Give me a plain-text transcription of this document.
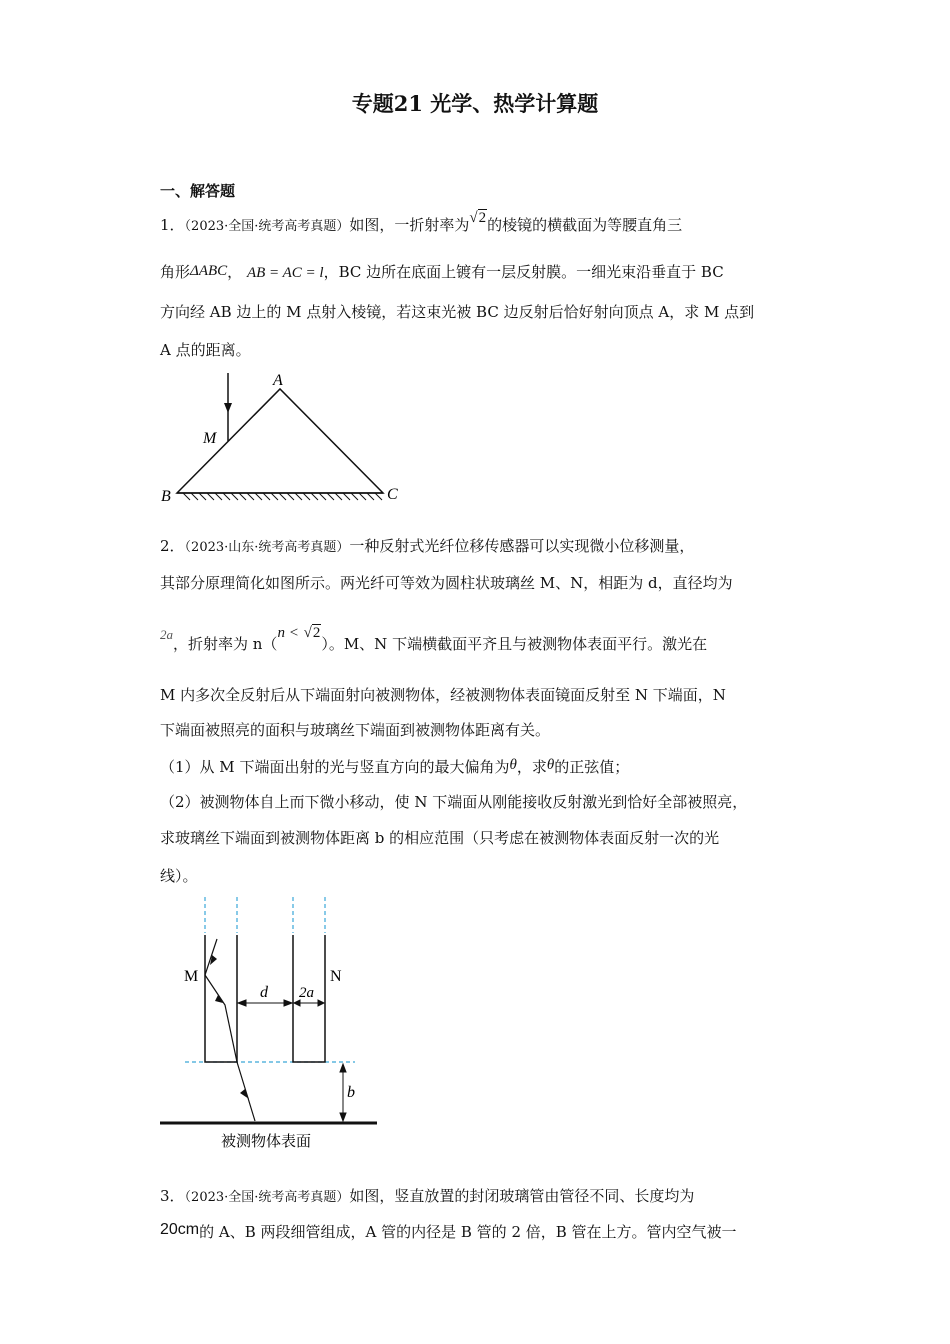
专题21 光学、热学计算题
一、解答题
1．（2023·全国·统考高考真题）如图，一折射率为√2的棱镜的横截面为等腰直角三
角形ΔABC， AB = AC = l，BC 边所在底面上镀有一层反射膜。一细光束沿垂直于 BC
方向经 AB 边上的 M 点射入棱镜，若这束光被 BC 边反射后恰好射向顶点 A，求 M 点到
A 点的距离。
A
M
B	C
2．（2023·山东·统考高考真题）一种反射式光纤位移传感器可以实现微小位移测量，
其部分原理简化如图所示。两光纤可等效为圆柱状玻璃丝 M、N，相距为 d，直径均为
2a，折射率为 n（n < √2）。M、N 下端横截面平齐且与被测物体表面平行。激光在
M 内多次全反射后从下端面射向被测物体，经被测物体表面镜面反射至 N 下端面，N
下端面被照亮的面积与玻璃丝下端面到被测物体距离有关。
（1）从 M 下端面出射的光与竖直方向的最大偏角为θ，求θ的正弦值；
（2）被测物体自上而下微小移动，使 N 下端面从刚能接收反射激光到恰好全部被照亮，
求玻璃丝下端面到被测物体距离 b 的相应范围（只考虑在被测物体表面反射一次的光
线）。
M	N
d 2a
b
被测物体表面
3．（2023·全国·统考高考真题）如图，竖直放置的封闭玻璃管由管径不同、长度均为
20cm的 A、B 两段细管组成，A 管的内径是 B 管的 2 倍，B 管在上方。管内空气被一
